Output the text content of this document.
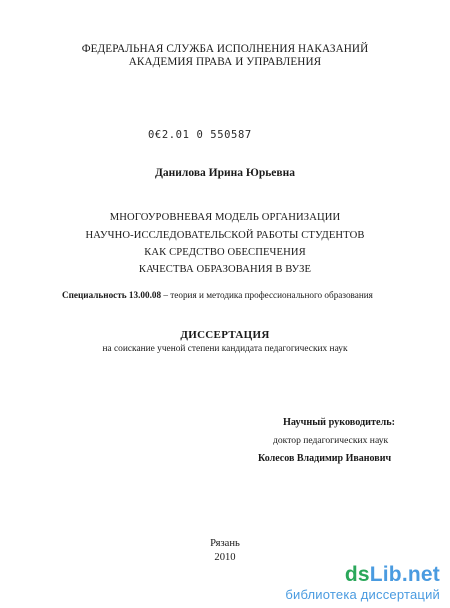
ФЕДЕРАЛЬНАЯ СЛУЖБА ИСПОЛНЕНИЯ НАКАЗАНИЙ
АКАДЕМИЯ ПРАВА И УПРАВЛЕНИЯ
0€2.01 0 550587
Данилова Ирина Юрьевна
МНОГОУРОВНЕВАЯ МОДЕЛЬ ОРГАНИЗАЦИИ
НАУЧНО-ИССЛЕДОВАТЕЛЬСКОЙ РАБОТЫ СТУДЕНТОВ
КАК СРЕДСТВО ОБЕСПЕЧЕНИЯ
КАЧЕСТВА ОБРАЗОВАНИЯ В ВУЗЕ
Специальность 13.00.08 – теория и методика профессионального образования
ДИССЕРТАЦИЯ
на соискание ученой степени кандидата педагогических наук
Научный руководитель:
доктор педагогических наук
Колесов Владимир Иванович
Рязань
2010
dsLib.net
библиотека диссертаций
